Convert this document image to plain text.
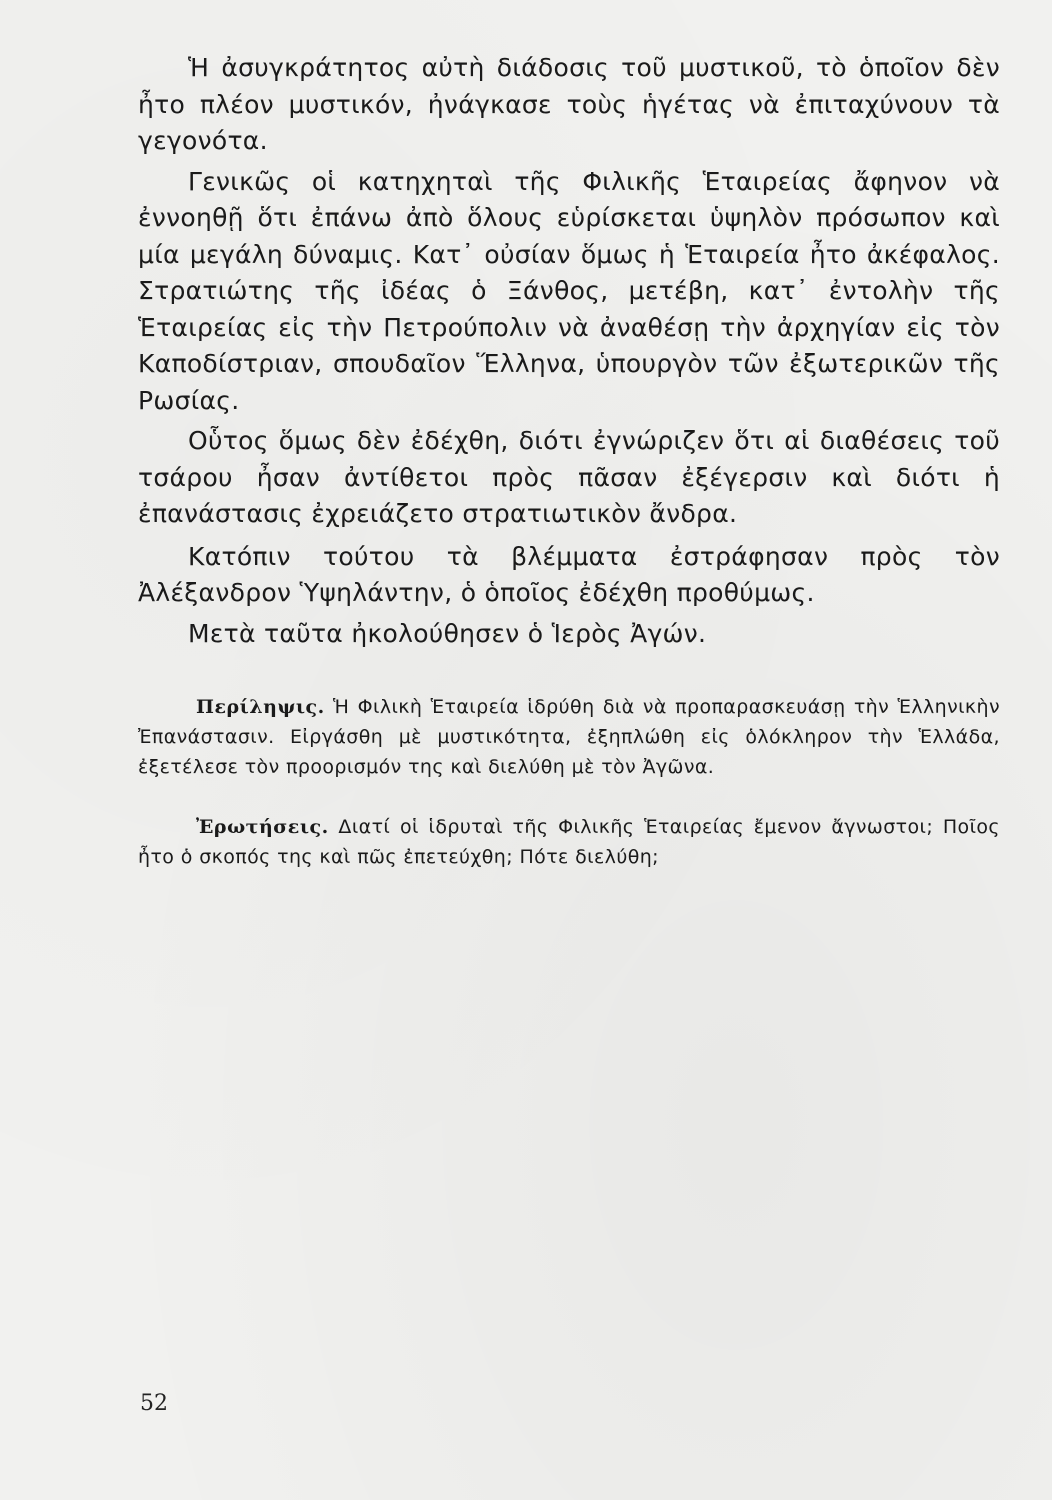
Ἡ ἀσυγκράτητος αὐτὴ διάδοσις τοῦ μυστικοῦ, τὸ ὁποῖον δὲν ἦτο πλέον μυστικόν, ἠνάγκασε τοὺς ἡγέτας νὰ ἐπιταχύνουν τὰ γεγονότα.

Γενικῶς οἱ κατηχηταὶ τῆς Φιλικῆς Ἑταιρείας ἄφηνον νὰ ἐννοηθῇ ὅτι ἐπάνω ἀπὸ ὅλους εὑρίσκεται ὑψηλὸν πρόσωπον καὶ μία μεγάλη δύναμις. Κατ᾽ οὐσίαν ὅμως ἡ Ἑταιρεία ἦτο ἀκέφαλος. Στρατιώτης τῆς ἰδέας ὁ Ξάνθος, μετέβη, κατ᾽ ἐντολὴν τῆς Ἑταιρείας εἰς τὴν Πετρούπολιν νὰ ἀναθέσῃ τὴν ἀρχηγίαν εἰς τὸν Καποδίστριαν, σπουδαῖον Ἕλληνα, ὑπουργὸν τῶν ἐξωτερικῶν τῆς Ρωσίας.

Οὗτος ὅμως δὲν ἐδέχθη, διότι ἐγνώριζεν ὅτι αἱ διαθέσεις τοῦ τσάρου ἦσαν ἀντίθετοι πρὸς πᾶσαν ἐξέγερσιν καὶ διότι ἡ ἐπανάστασις ἐχρειάζετο στρατιωτικὸν ἄνδρα.

Κατόπιν τούτου τὰ βλέμματα ἐστράφησαν πρὸς τὸν Ἀλέξανδρον Ὑψηλάντην, ὁ ὁποῖος ἐδέχθη προθύμως.

Μετὰ ταῦτα ἠκολούθησεν ὁ Ἱερὸς Ἀγών.

Περίληψις. Ἡ Φιλικὴ Ἑταιρεία ἱδρύθη διὰ νὰ προπαρασκευάσῃ τὴν Ἑλληνικὴν Ἐπανάστασιν. Εἰργάσθη μὲ μυστικότητα, ἐξηπλώθη εἰς ὁλόκληρον τὴν Ἑλλάδα, ἐξετέλεσε τὸν προορισμόν της καὶ διελύθη μὲ τὸν Ἀγῶνα.

Ἐρωτήσεις. Διατί οἱ ἱδρυταὶ τῆς Φιλικῆς Ἑταιρείας ἔμενον ἄγνωστοι; Ποῖος ἦτο ὁ σκοπός της καὶ πῶς ἐπετεύχθη; Πότε διελύθη;

52
